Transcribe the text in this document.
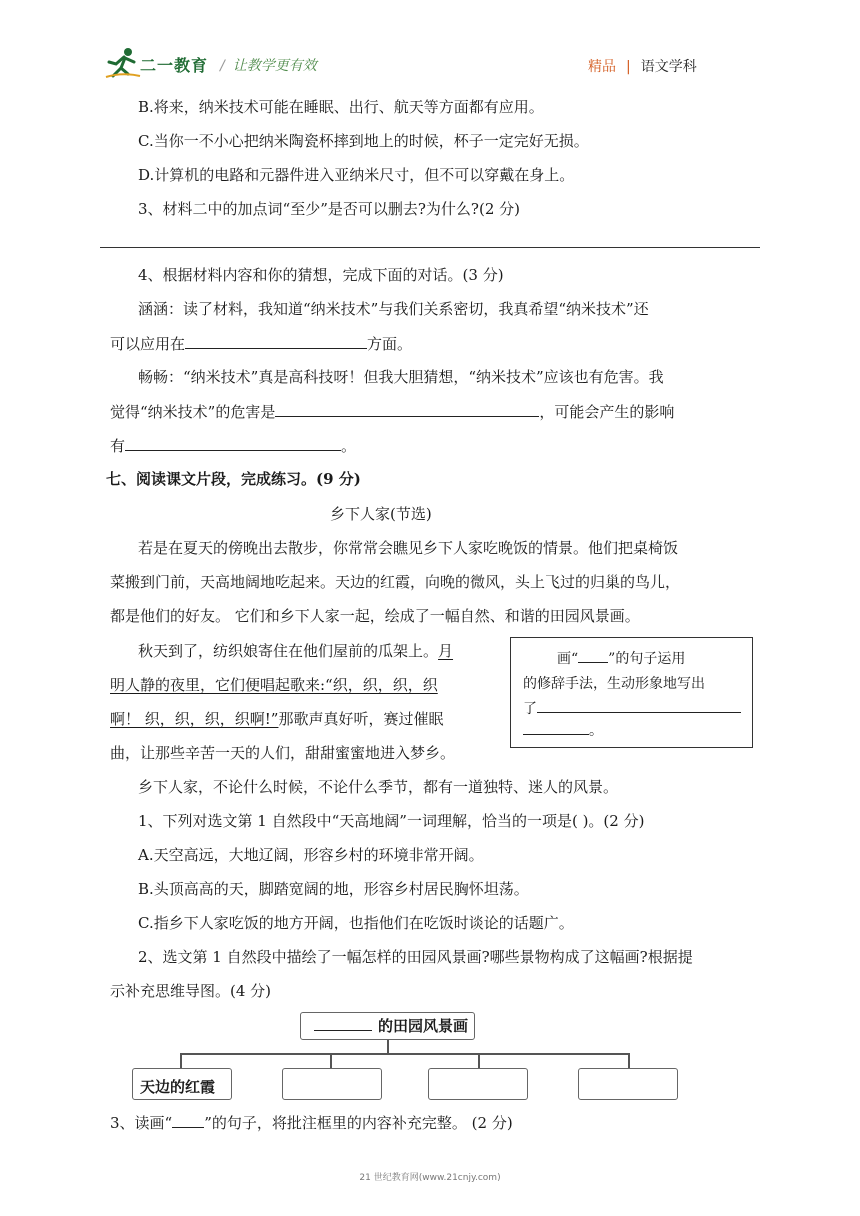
二一教育 / 让教学更有效	精品 | 语文学科
B.将来，纳米技术可能在睡眠、出行、航天等方面都有应用。
C.当你一不小心把纳米陶瓷杯摔到地上的时候，杯子一定完好无损。
D.计算机的电路和元器件进入亚纳米尺寸，但不可以穿戴在身上。
3、材料二中的加点词“至少”是否可以删去?为什么?(2 分)
4、根据材料内容和你的猜想，完成下面的对话。(3 分)
涵涵：读了材料，我知道“纳米技术”与我们关系密切，我真希望“纳米技术”还
可以应用在	方面。
畅畅：“纳米技术”真是高科技呀！但我大胆猜想，“纳米技术”应该也有危害。我
觉得“纳米技术”的危害是	，可能会产生的影响
有	。
七、阅读课文片段，完成练习。(9 分)
乡下人家(节选)
若是在夏天的傍晚出去散步，你常常会瞧见乡下人家吃晚饭的情景。他们把桌椅饭
菜搬到门前，天高地阔地吃起来。天边的红霞，向晚的微风，头上飞过的归巢的鸟儿，
都是他们的好友。 它们和乡下人家一起，绘成了一幅自然、和谐的田园风景画。
秋天到了，纺织娘寄住在他们屋前的瓜架上。月
明人静的夜里，它们便唱起歌来:“织，织，织，织
啊！ 织，织，织，织啊!”那歌声真好听，赛过催眠
曲，让那些辛苦一天的人们，甜甜蜜蜜地进入梦乡。
画“ ”的句子运用
的修辞手法，生动形象地写出
了
。
乡下人家，不论什么时候，不论什么季节，都有一道独特、迷人的风景。
1、下列对选文第 1 自然段中“天高地阔”一词理解，恰当的一项是( )。(2 分)
A.天空高远，大地辽阔，形容乡村的环境非常开阔。
B.头顶高高的天，脚踏宽阔的地，形容乡村居民胸怀坦荡。
C.指乡下人家吃饭的地方开阔，也指他们在吃饭时谈论的话题广。
2、选文第 1 自然段中描绘了一幅怎样的田园风景画?哪些景物构成了这幅画?根据提
示补充思维导图。(4 分)
的田园风景画
天边的红霞
3、读画“ ”的句子，将批注框里的内容补充完整。 (2 分)
21 世纪教育网(www.21cnjy.com)
